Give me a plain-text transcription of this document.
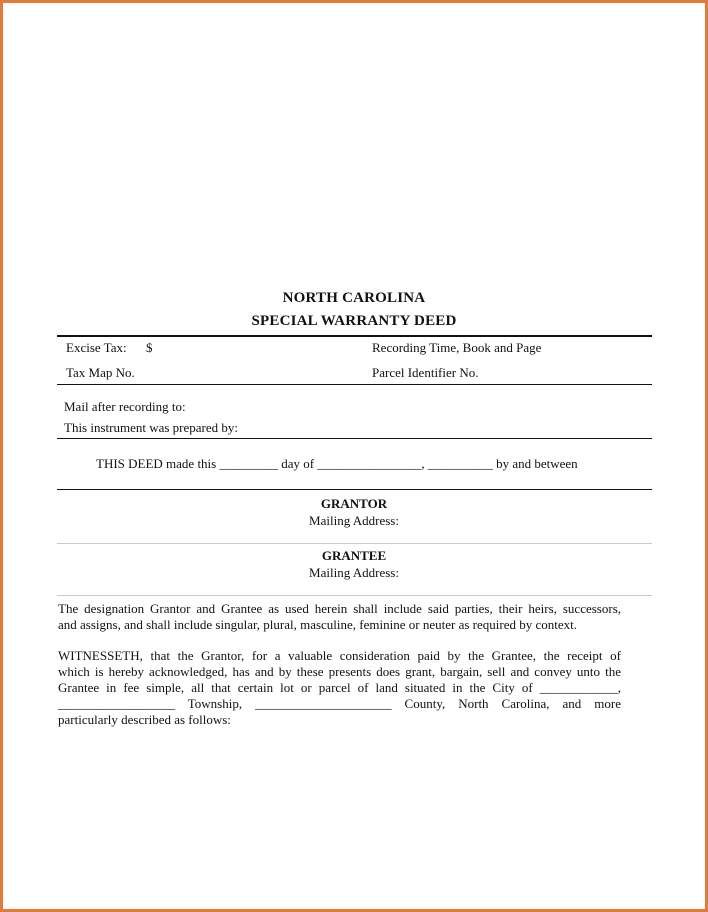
NORTH CAROLINA
SPECIAL WARRANTY DEED
Excise Tax: $	Recording Time, Book and Page
Tax Map No.	Parcel Identifier No.
Mail after recording to:
This instrument was prepared by:
THIS DEED made this _________ day of ________________, __________ by and between
GRANTOR
Mailing Address:
GRANTEE
Mailing Address:
The designation Grantor and Grantee as used herein shall include said parties, their heirs, successors,
and assigns, and shall include singular, plural, masculine, feminine or neuter as required by context.
WITNESSETH, that the Grantor, for a valuable consideration paid by the Grantee, the receipt of
which is hereby acknowledged, has and by these presents does grant, bargain, sell and convey unto the
Grantee in fee simple, all that certain lot or parcel of land situated in the City of ____________,
__________________ Township, _____________________ County, North Carolina, and more
particularly described as follows:
